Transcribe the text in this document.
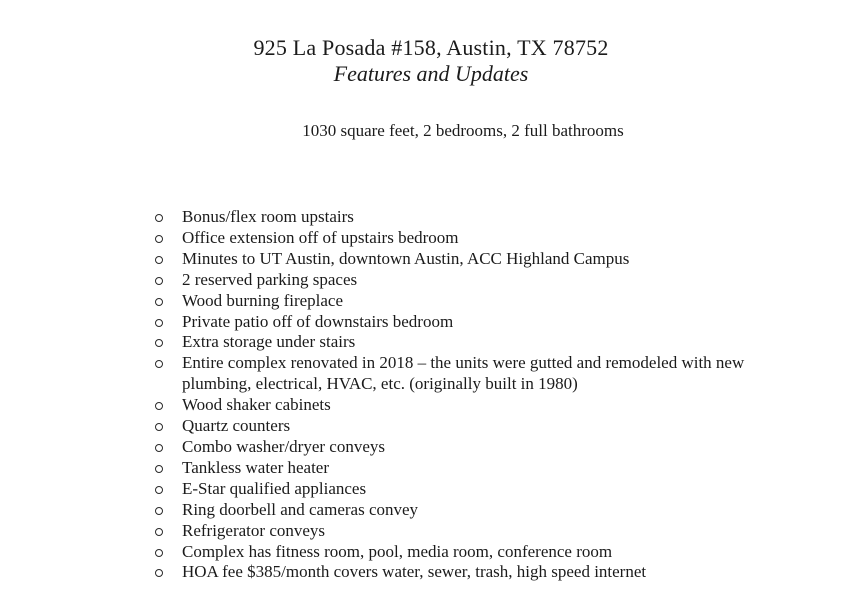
925 La Posada #158, Austin, TX 78752
Features and Updates
1030 square feet, 2 bedrooms, 2 full bathrooms
Bonus/flex room upstairs
Office extension off of upstairs bedroom
Minutes to UT Austin, downtown Austin, ACC Highland Campus
2 reserved parking spaces
Wood burning fireplace
Private patio off of downstairs bedroom
Extra storage under stairs
Entire complex renovated in 2018 – the units were gutted and remodeled with new plumbing, electrical, HVAC, etc. (originally built in 1980)
Wood shaker cabinets
Quartz counters
Combo washer/dryer conveys
Tankless water heater
E-Star qualified appliances
Ring doorbell and cameras convey
Refrigerator conveys
Complex has fitness room, pool, media room, conference room
HOA fee $385/month covers water, sewer, trash, high speed internet
